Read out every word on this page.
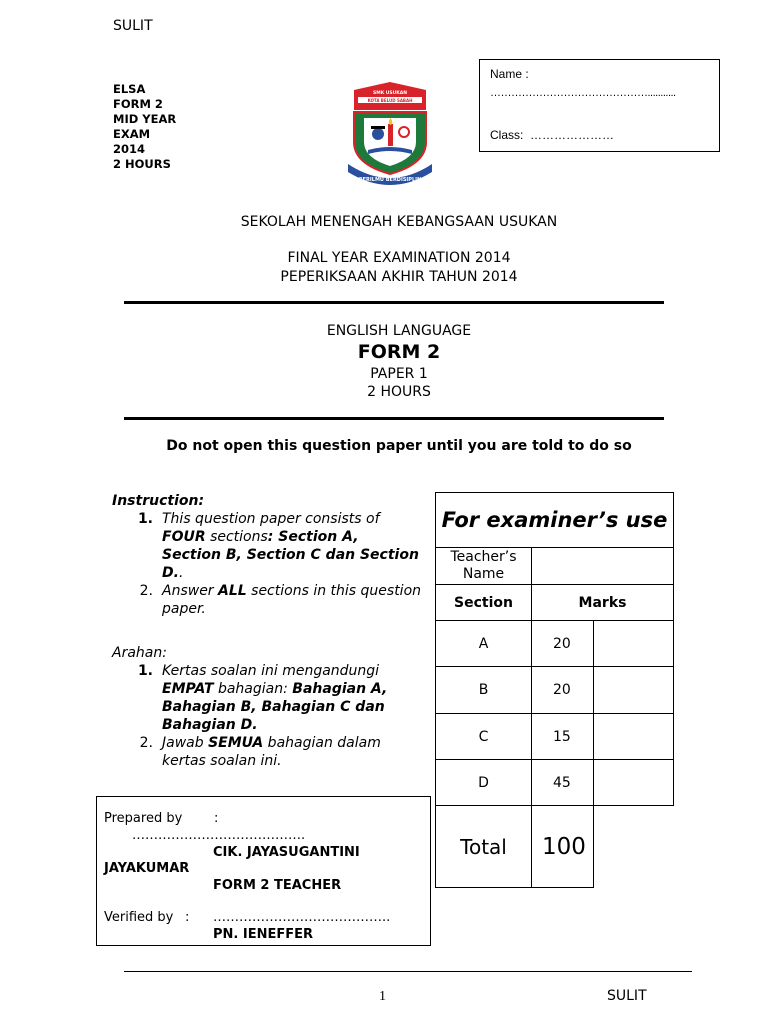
SULIT
ELSA
FORM 2
MID YEAR
EXAM
2014
2 HOURS
SMK USUKAN
KOTA BELUD SABAH
BERILMU BERDISIPLIN
Name :
………………………………………...........
Class: …………………
SEKOLAH MENENGAH KEBANGSAAN USUKAN
FINAL YEAR EXAMINATION 2014
PEPERIKSAAN AKHIR TAHUN 2014
ENGLISH LANGUAGE
FORM 2
PAPER 1
2 HOURS
Do not open this question paper until you are told to do so
Instruction:
1. This question paper consists of FOUR sections: Section A, Section B, Section C dan Section D..
2. Answer ALL sections in this question paper.
Arahan:
1. Kertas soalan ini mengandungi EMPAT bahagian: Bahagian A, Bahagian B, Bahagian C dan Bahagian D.
2. Jawab SEMUA bahagian dalam kertas soalan ini.
Prepared by :
………………………………….
CIK. JAYASUGANTINI
JAYAKUMAR
FORM 2 TEACHER
Verified by : …………………………………..
PN. IENEFFER
For examiner’s use		
Teacher’s Name		
Section	Marks	
A	20	
B	20	
C	15	
D	45	
Total	100	
1	SULIT
